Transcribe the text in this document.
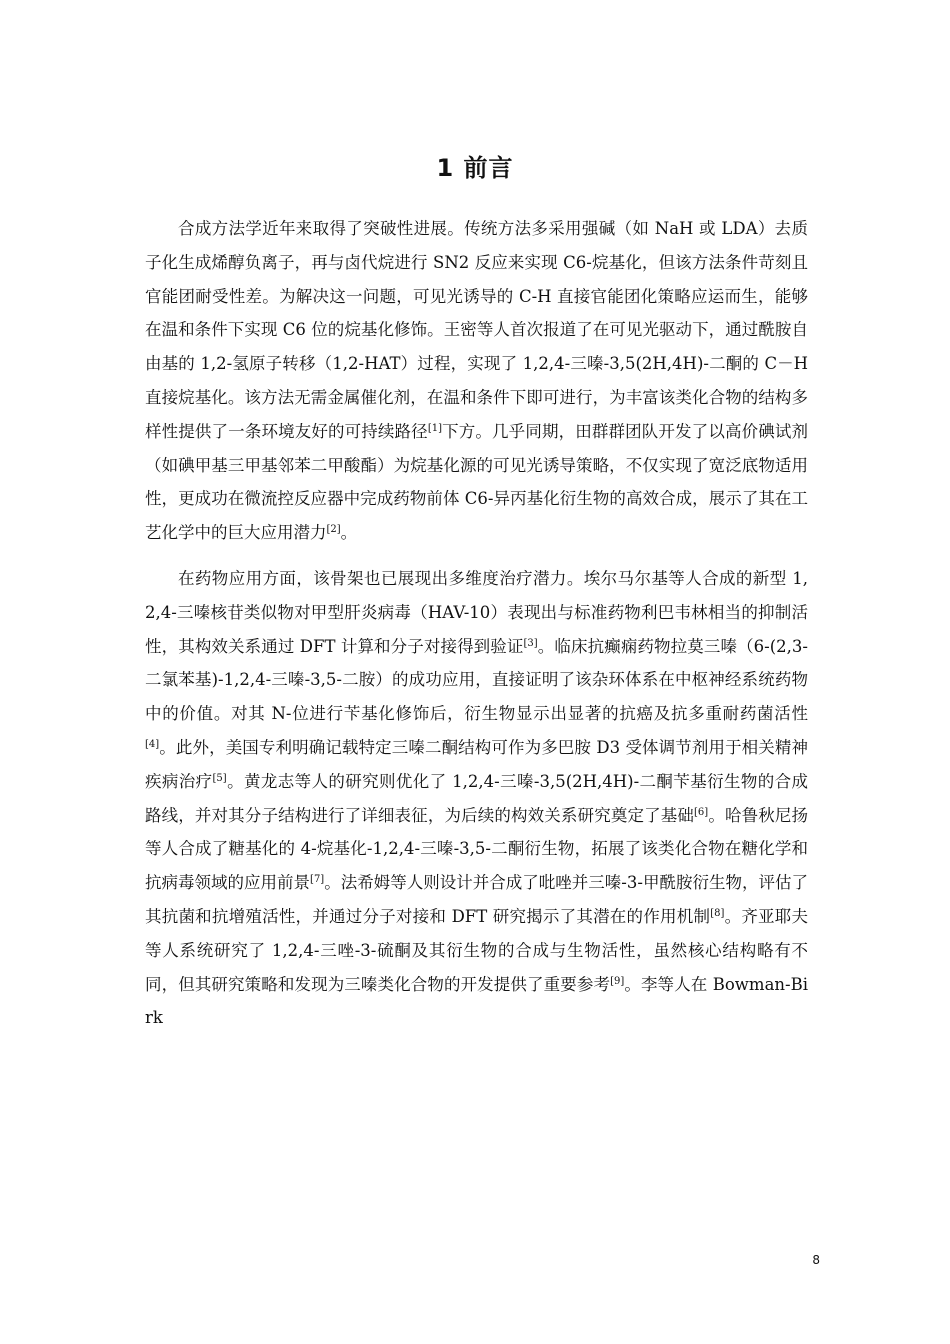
1 前言

合成方法学近年来取得了突破性进展。传统方法多采用强碱（如 NaH 或 LDA）去质子化生成烯醇负离子，再与卤代烷进行 SN2 反应来实现 C6-烷基化，但该方法条件苛刻且官能团耐受性差。为解决这一问题，可见光诱导的 C-H 直接官能团化策略应运而生，能够在温和条件下实现 C6 位的烷基化修饰。王密等人首次报道了在可见光驱动下，通过酰胺自由基的 1,2-氢原子转移（1,2-HAT）过程，实现了 1,2,4-三嗪-3,5(2H,4H)-二酮的 C－H 直接烷基化。该方法无需金属催化剂，在温和条件下即可进行，为丰富该类化合物的结构多样性提供了一条环境友好的可持续路径[1]下方。几乎同期，田群群团队开发了以高价碘试剂（如碘甲基三甲基邻苯二甲酸酯）为烷基化源的可见光诱导策略，不仅实现了宽泛底物适用性，更成功在微流控反应器中完成药物前体 C6-异丙基化衍生物的高效合成，展示了其在工艺化学中的巨大应用潜力[2]。

在药物应用方面，该骨架也已展现出多维度治疗潜力。埃尔马尔基等人合成的新型 1,2,4-三嗪核苷类似物对甲型肝炎病毒（HAV-10）表现出与标准药物利巴韦林相当的抑制活性，其构效关系通过 DFT 计算和分子对接得到验证[3]。临床抗癫痫药物拉莫三嗪（6-(2,3-二氯苯基)-1,2,4-三嗪-3,5-二胺）的成功应用，直接证明了该杂环体系在中枢神经系统药物中的价值。对其 N-位进行苄基化修饰后，衍生物显示出显著的抗癌及抗多重耐药菌活性[4]。此外，美国专利明确记载特定三嗪二酮结构可作为多巴胺 D3 受体调节剂用于相关精神疾病治疗[5]。黄龙志等人的研究则优化了 1,2,4-三嗪-3,5(2H,4H)-二酮苄基衍生物的合成路线，并对其分子结构进行了详细表征，为后续的构效关系研究奠定了基础[6]。哈鲁秋尼扬等人合成了糖基化的 4-烷基化-1,2,4-三嗪-3,5-二酮衍生物，拓展了该类化合物在糖化学和抗病毒领域的应用前景[7]。法希姆等人则设计并合成了吡唑并三嗪-3-甲酰胺衍生物，评估了其抗菌和抗增殖活性，并通过分子对接和 DFT 研究揭示了其潜在的作用机制[8]。齐亚耶夫等人系统研究了 1,2,4-三唑-3-硫酮及其衍生物的合成与生物活性，虽然核心结构略有不同，但其研究策略和发现为三嗪类化合物的开发提供了重要参考[9]。李等人在 Bowman-Birk

8
